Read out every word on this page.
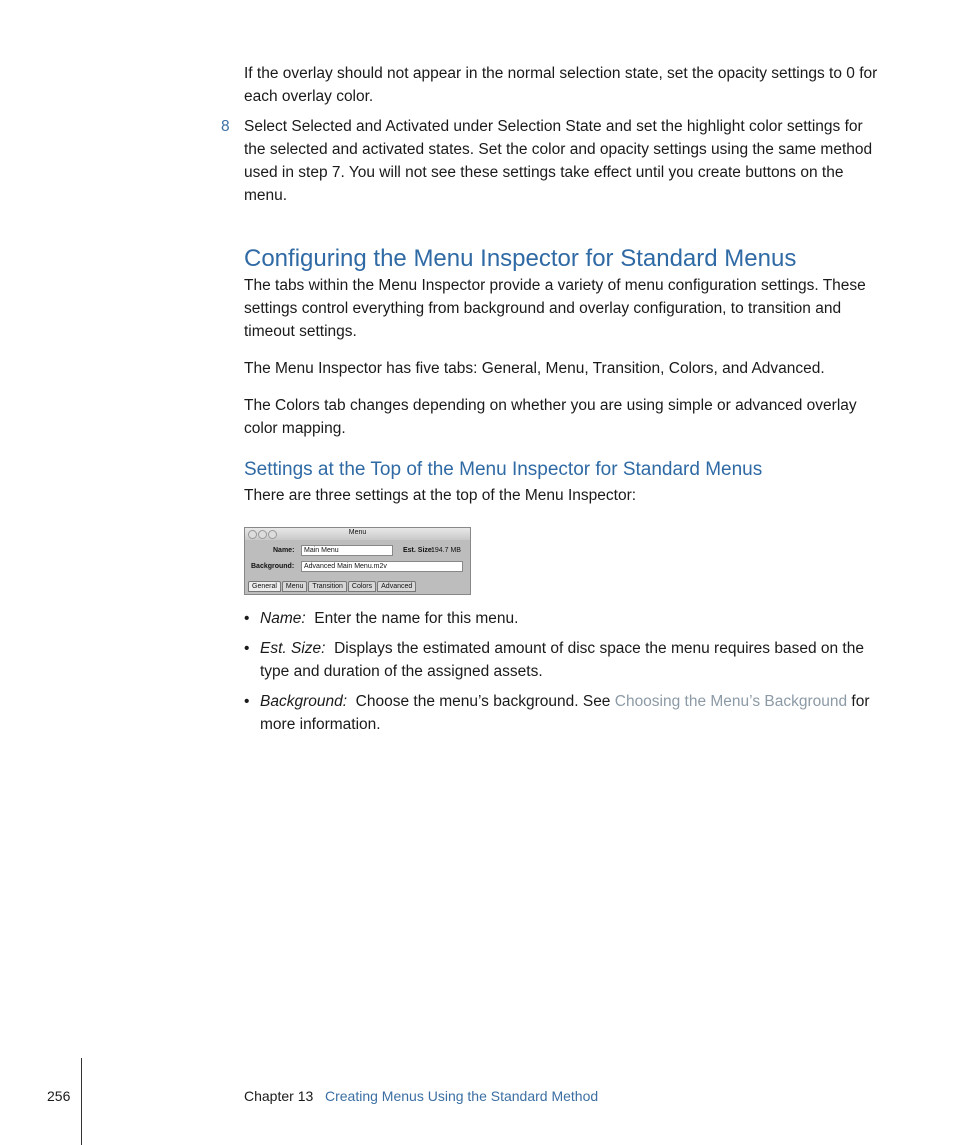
If the overlay should not appear in the normal selection state, set the opacity settings to 0 for each overlay color.

8 Select Selected and Activated under Selection State and set the highlight color settings for the selected and activated states. Set the color and opacity settings using the same method used in step 7. You will not see these settings take effect until you create buttons on the menu.

Configuring the Menu Inspector for Standard Menus

The tabs within the Menu Inspector provide a variety of menu configuration settings. These settings control everything from background and overlay configuration, to transition and timeout settings.

The Menu Inspector has five tabs: General, Menu, Transition, Colors, and Advanced.

The Colors tab changes depending on whether you are using simple or advanced overlay color mapping.

Settings at the Top of the Menu Inspector for Standard Menus

There are three settings at the top of the Menu Inspector:

Menu
Name:	Main Menu	Est. Size:
194.7 MB
Background:	Advanced Main Menu.m2v
General Menu Transition Colors Advanced
• Name: Enter the name for this menu.
• Est. Size: Displays the estimated amount of disc space the menu requires based on the type and duration of the assigned assets.
• Background: Choose the menu’s background. See Choosing the Menu’s Background for more information.
256	Chapter 13 Creating Menus Using the Standard Method
